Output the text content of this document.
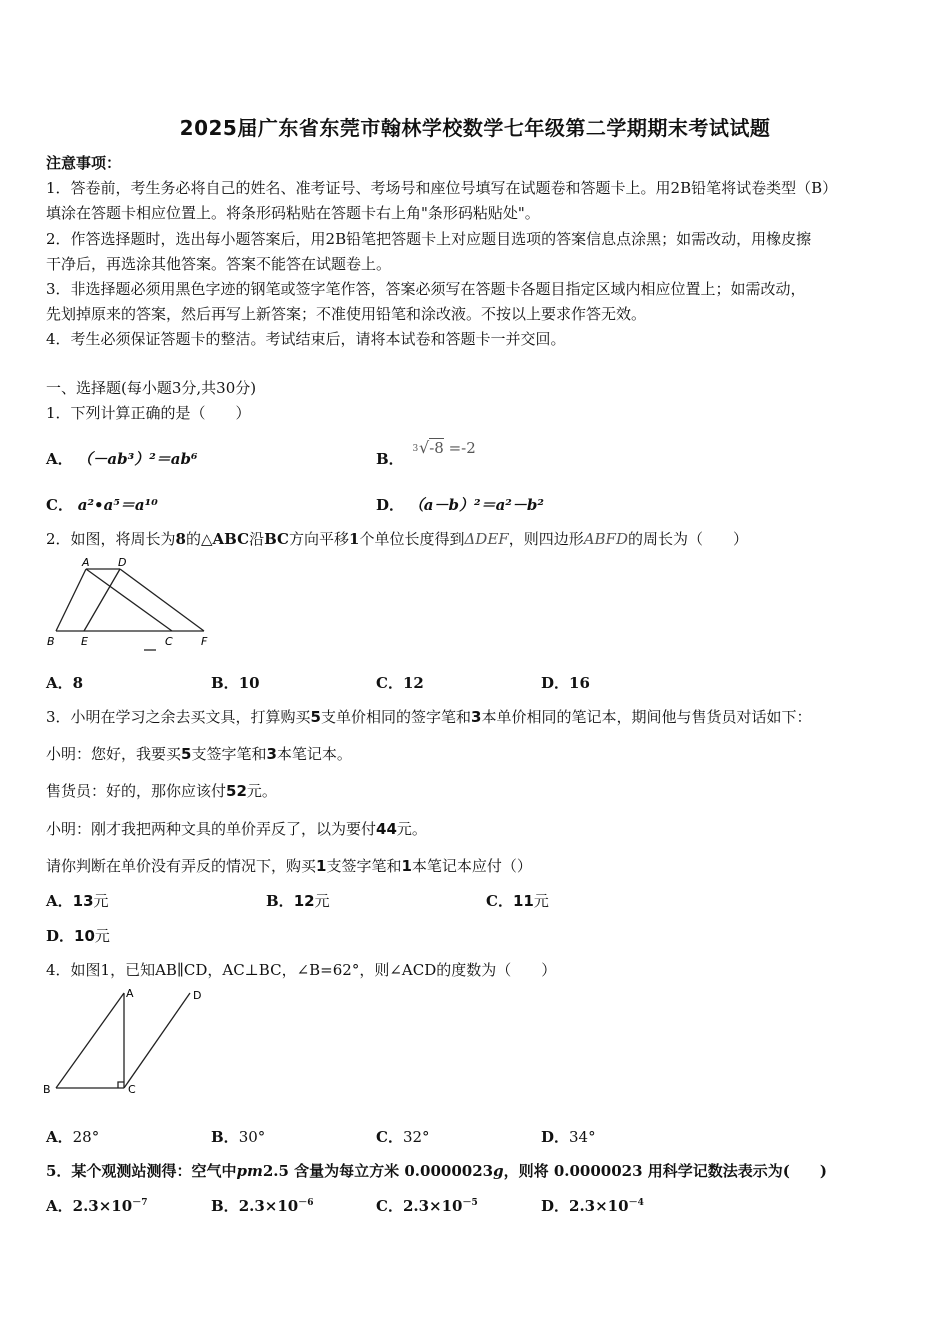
2025届广东省东莞市翰林学校数学七年级第二学期期末考试试题
注意事项：
1．答卷前，考生务必将自己的姓名、准考证号、考场号和座位号填写在试题卷和答题卡上。用2B铅笔将试卷类型（B）
填涂在答题卡相应位置上。将条形码粘贴在答题卡右上角"条形码粘贴处"。
2．作答选择题时，选出每小题答案后，用2B铅笔把答题卡上对应题目选项的答案信息点涂黑；如需改动，用橡皮擦
干净后，再选涂其他答案。答案不能答在试题卷上。
3．非选择题必须用黑色字迹的钢笔或签字笔作答，答案必须写在答题卡各题目指定区域内相应位置上；如需改动，
先划掉原来的答案，然后再写上新答案；不准使用铅笔和涂改液。不按以上要求作答无效。
4．考生必须保证答题卡的整洁。考试结束后，请将本试卷和答题卡一并交回。
一、选择题(每小题3分,共30分)
1．下列计算正确的是（　　）
A． （－ab³）²＝ab⁶	B． 3 √-8 =-2
C． a²•a⁵＝a¹⁰	D． （a－b）²＝a²－b²
2．如图，将周长为8的△ABC沿BC方向平移1个单位长度得到ΔDEF，则四边形ABFD的周长为（　　）
A	D
B E	C	F
A．8	B．10	C．12	D．16
3．小明在学习之余去买文具，打算购买5支单价相同的签字笔和3本单价相同的笔记本，期间他与售货员对话如下：
小明：您好，我要买5支签字笔和3本笔记本。
售货员：好的，那你应该付52元。
小明：刚才我把两种文具的单价弄反了，以为要付44元。
请你判断在单价没有弄反的情况下，购买1支签字笔和1本笔记本应付（）
A．13元	B．12元	C．11元
D．10元
4．如图1，已知AB∥CD，AC⊥BC，∠B=62°，则∠ACD的度数为（　　）
A	D
B	C
A．28°	B．30°	C．32°	D．34°
5．某个观测站测得：空气中pm2.5 含量为每立方米 0.0000023g，则将 0.0000023 用科学记数法表示为(　　)
A．$2.3\times 10^{-7}$	B．$2.3\times 10^{-6}$	C．$2.3\times 10^{-5}$	D．$2.3\times 10^{-4}$
